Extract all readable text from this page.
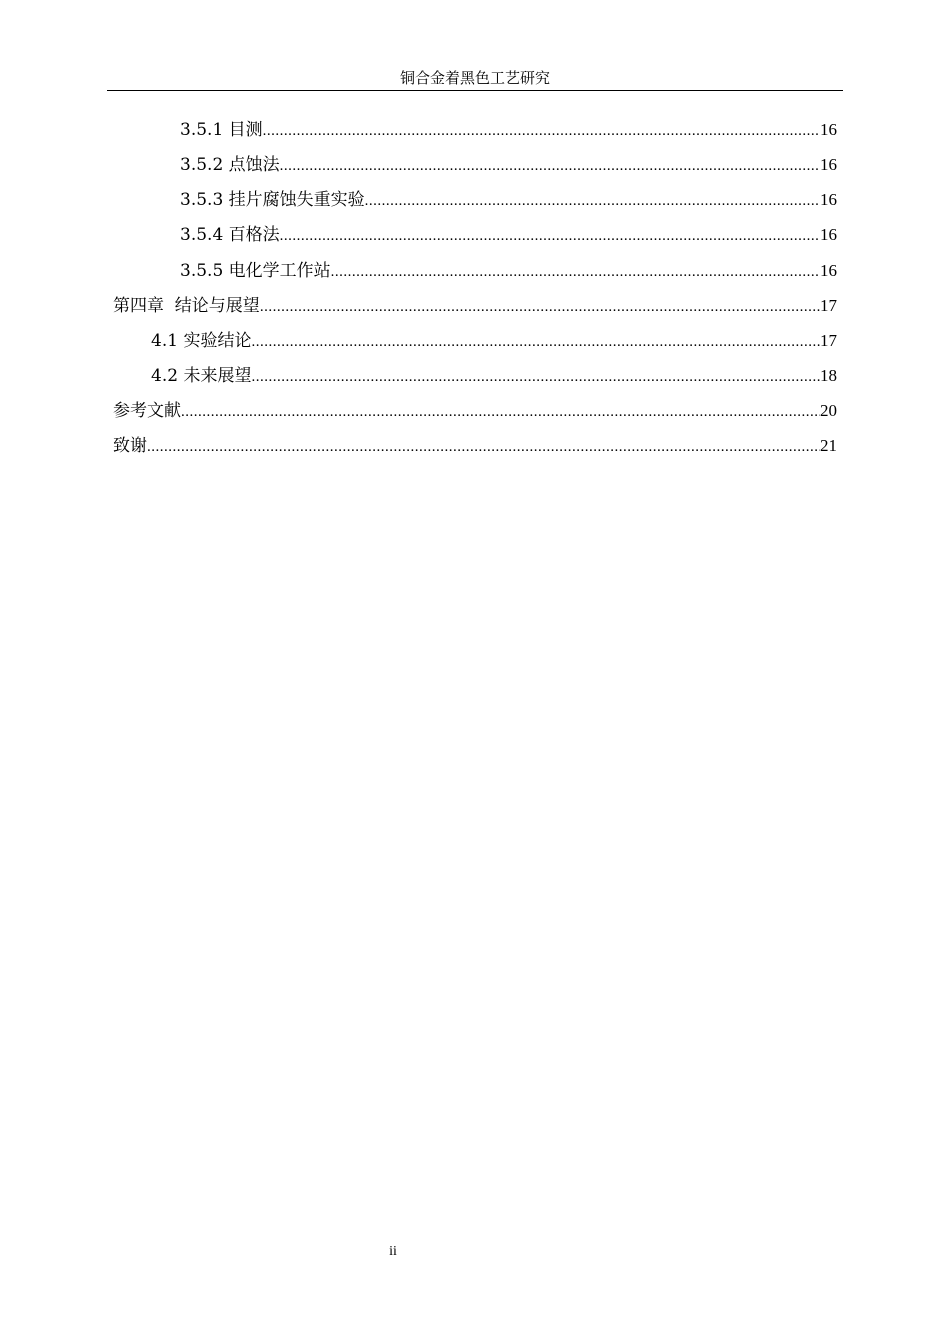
铜合金着黑色工艺研究
3.5.1 目测 .....	16
3.5.2 点蚀法 .....	16
3.5.3 挂片腐蚀失重实验 .....	16
3.5.4 百格法 .....	16
3.5.5 电化学工作站 .....	16
第四章  结论与展望 .....	17
4.1 实验结论 .....	17
4.2 未来展望 .....	18
参考文献 .....	20
致谢 .....	21
ii
